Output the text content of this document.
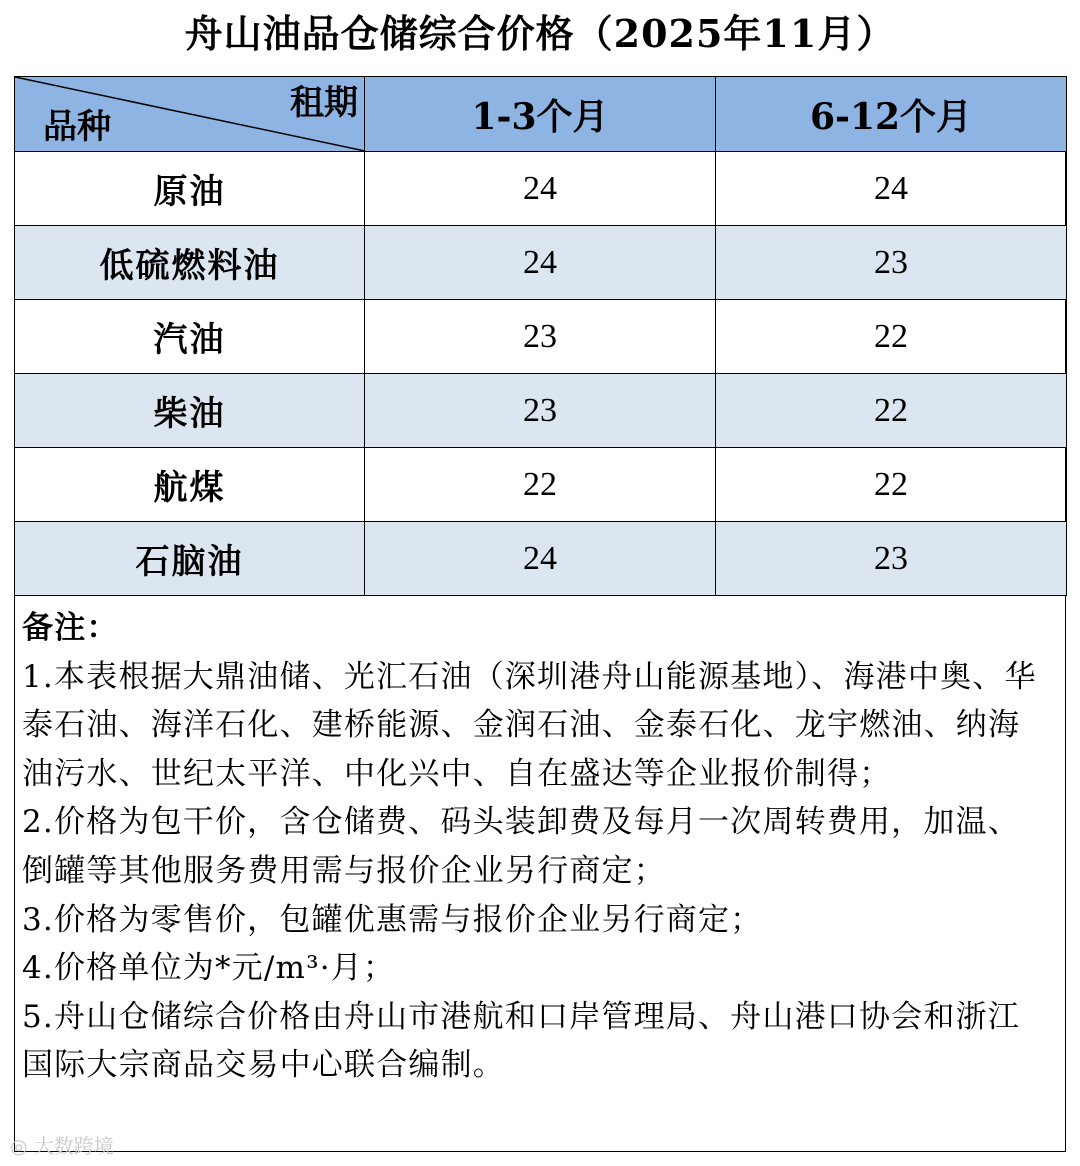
舟山油品仓储综合价格（2025年11月）
租期
品种	1-3个月	6-12个月
原油	24	24
低硫燃料油	24	23
汽油	23	22
柴油	23	22
航煤	22	22
石脑油	24	23
备注：
1.本表根据大鼎油储、光汇石油（深圳港舟山能源基地）、海港中奥、华泰石油、海洋石化、建桥能源、金润石油、金泰石化、龙宇燃油、纳海油污水、世纪太平洋、中化兴中、自在盛达等企业报价制得；
2.价格为包干价，含仓储费、码头装卸费及每月一次周转费用，加温、倒罐等其他服务费用需与报价企业另行商定；
3.价格为零售价，包罐优惠需与报价企业另行商定；
4.价格单位为*元/m³·月；
5.舟山仓储综合价格由舟山市港航和口岸管理局、舟山港口协会和浙江国际大宗商品交易中心联合编制。
◎ 大数跨境
